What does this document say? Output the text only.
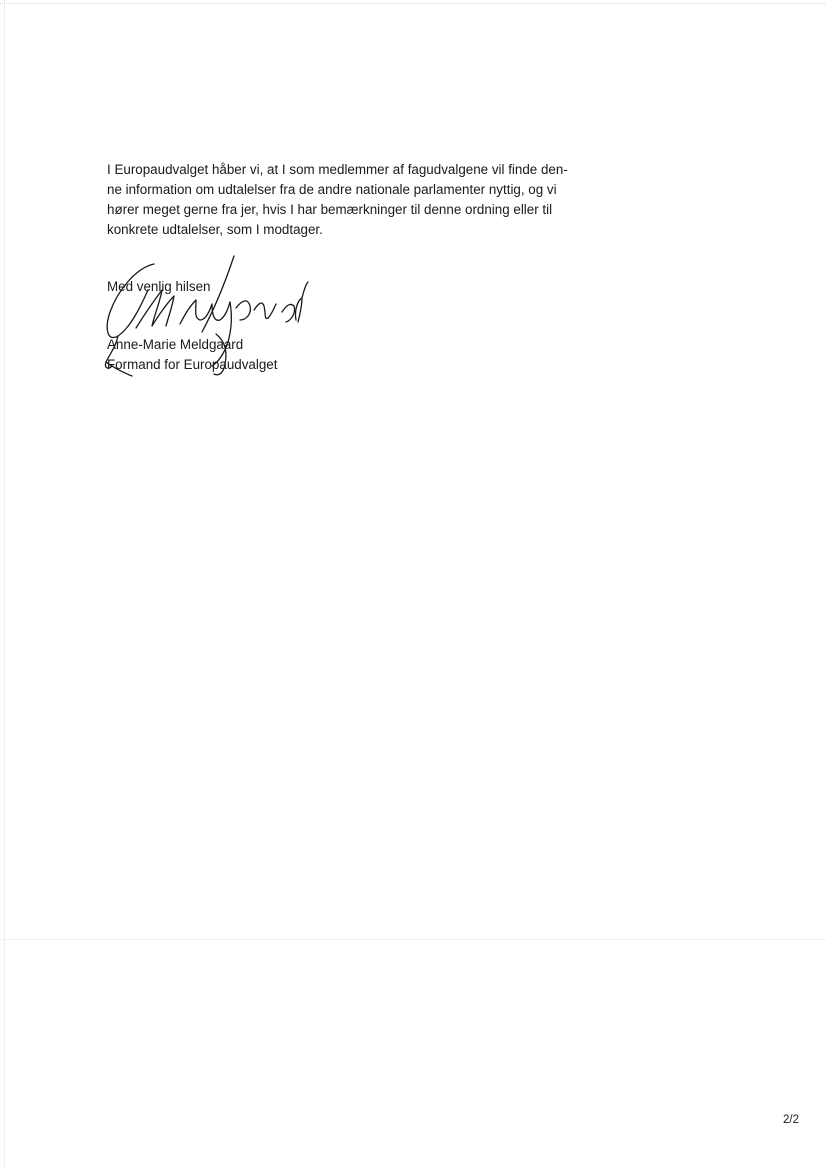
I Europaudvalget håber vi, at I som medlemmer af fagudvalgene vil finde den-
ne information om udtalelser fra de andre nationale parlamenter nyttig, og vi
hører meget gerne fra jer, hvis I har bemærkninger til denne ordning eller til
konkrete udtalelser, som I modtager.

Med venlig hilsen
Anne-Marie Meldgaard
Formand for Europaudvalget
2/2
